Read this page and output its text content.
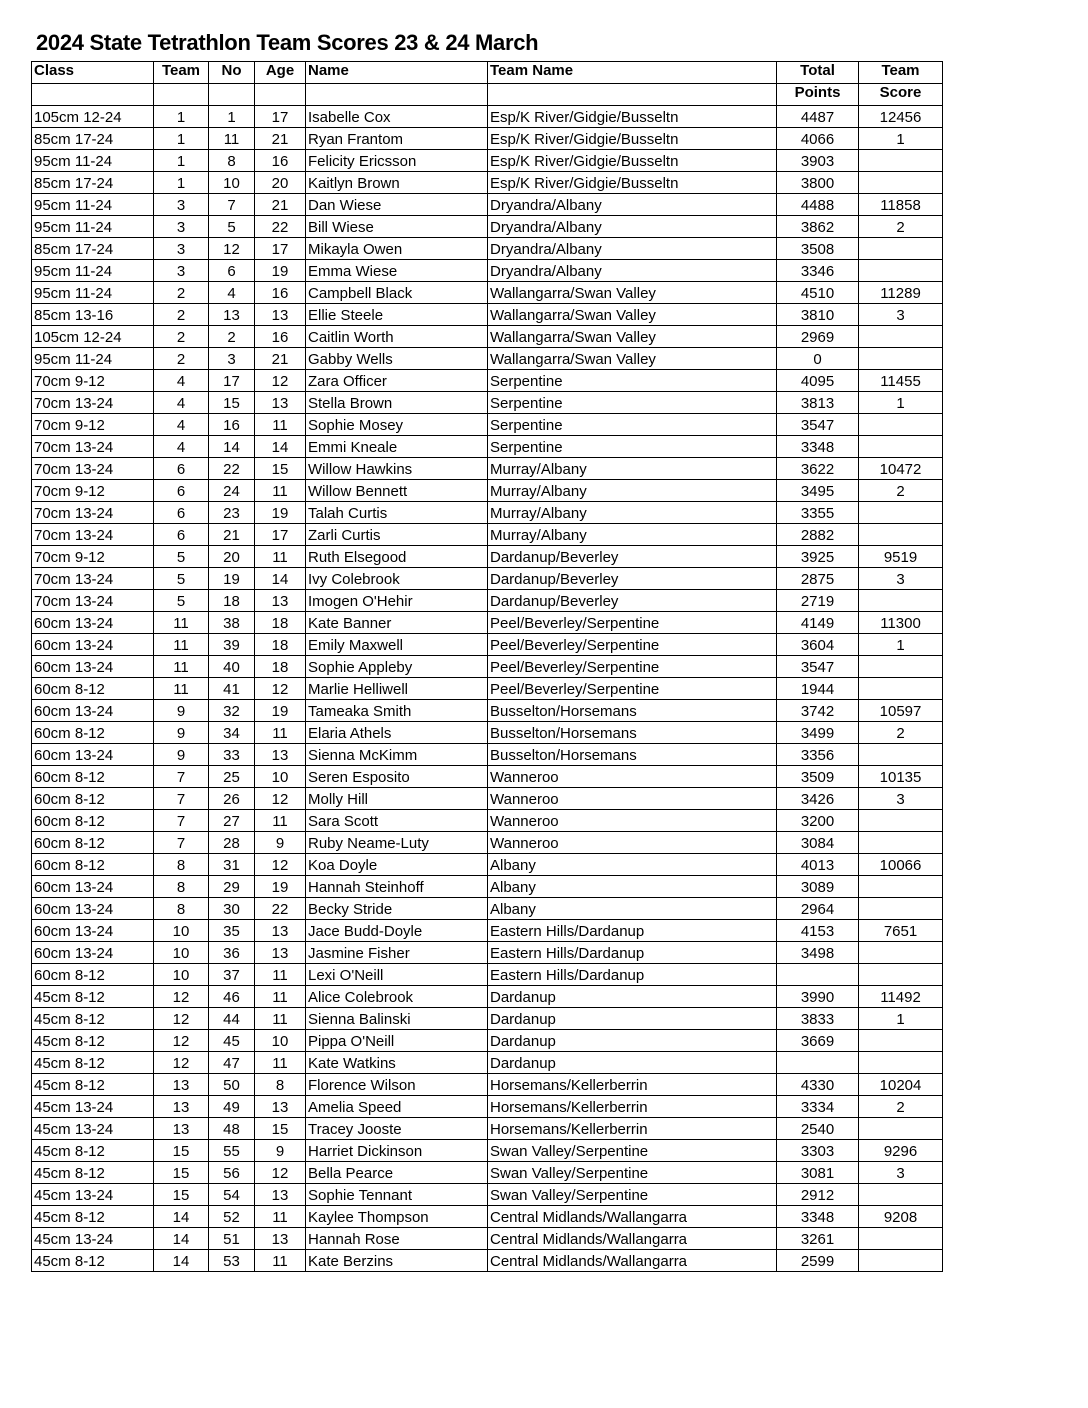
2024 State Tetrathlon Team Scores 23 & 24 March
Class	Team	No	Age	Name	Team Name	Total	Team
						Points	Score
105cm 12-24	1	1	17	Isabelle Cox	Esp/K River/Gidgie/Busseltn	4487	12456
85cm 17-24	1	11	21	Ryan Frantom	Esp/K River/Gidgie/Busseltn	4066	1
95cm 11-24	1	8	16	Felicity Ericsson	Esp/K River/Gidgie/Busseltn	3903	
85cm 17-24	1	10	20	Kaitlyn Brown	Esp/K River/Gidgie/Busseltn	3800	
95cm 11-24	3	7	21	Dan Wiese	Dryandra/Albany	4488	11858
95cm 11-24	3	5	22	Bill Wiese	Dryandra/Albany	3862	2
85cm 17-24	3	12	17	Mikayla Owen	Dryandra/Albany	3508	
95cm 11-24	3	6	19	Emma Wiese	Dryandra/Albany	3346	
95cm 11-24	2	4	16	Campbell Black	Wallangarra/Swan Valley	4510	11289
85cm 13-16	2	13	13	Ellie Steele	Wallangarra/Swan Valley	3810	3
105cm 12-24	2	2	16	Caitlin Worth	Wallangarra/Swan Valley	2969	
95cm 11-24	2	3	21	Gabby Wells	Wallangarra/Swan Valley	0	
70cm 9-12	4	17	12	Zara Officer	Serpentine	4095	11455
70cm 13-24	4	15	13	Stella Brown	Serpentine	3813	1
70cm 9-12	4	16	11	Sophie Mosey	Serpentine	3547	
70cm 13-24	4	14	14	Emmi Kneale	Serpentine	3348	
70cm 13-24	6	22	15	Willow Hawkins	Murray/Albany	3622	10472
70cm 9-12	6	24	11	Willow Bennett	Murray/Albany	3495	2
70cm 13-24	6	23	19	Talah Curtis	Murray/Albany	3355	
70cm 13-24	6	21	17	Zarli Curtis	Murray/Albany	2882	
70cm 9-12	5	20	11	Ruth Elsegood	Dardanup/Beverley	3925	9519
70cm 13-24	5	19	14	Ivy Colebrook	Dardanup/Beverley	2875	3
70cm 13-24	5	18	13	Imogen O'Hehir	Dardanup/Beverley	2719	
60cm 13-24	11	38	18	Kate Banner	Peel/Beverley/Serpentine	4149	11300
60cm 13-24	11	39	18	Emily Maxwell	Peel/Beverley/Serpentine	3604	1
60cm 13-24	11	40	18	Sophie Appleby	Peel/Beverley/Serpentine	3547	
60cm 8-12	11	41	12	Marlie Helliwell	Peel/Beverley/Serpentine	1944	
60cm 13-24	9	32	19	Tameaka Smith	Busselton/Horsemans	3742	10597
60cm 8-12	9	34	11	Elaria Athels	Busselton/Horsemans	3499	2
60cm 13-24	9	33	13	Sienna McKimm	Busselton/Horsemans	3356	
60cm 8-12	7	25	10	Seren Esposito	Wanneroo	3509	10135
60cm 8-12	7	26	12	Molly Hill	Wanneroo	3426	3
60cm 8-12	7	27	11	Sara Scott	Wanneroo	3200	
60cm 8-12	7	28	9	Ruby Neame-Luty	Wanneroo	3084	
60cm 8-12	8	31	12	Koa Doyle	Albany	4013	10066
60cm 13-24	8	29	19	Hannah Steinhoff	Albany	3089	
60cm 13-24	8	30	22	Becky Stride	Albany	2964	
60cm 13-24	10	35	13	Jace Budd-Doyle	Eastern Hills/Dardanup	4153	7651
60cm 13-24	10	36	13	Jasmine Fisher	Eastern Hills/Dardanup	3498	
60cm 8-12	10	37	11	Lexi O'Neill	Eastern Hills/Dardanup		
45cm 8-12	12	46	11	Alice Colebrook	Dardanup	3990	11492
45cm 8-12	12	44	11	Sienna Balinski	Dardanup	3833	1
45cm 8-12	12	45	10	Pippa O'Neill	Dardanup	3669	
45cm 8-12	12	47	11	Kate Watkins	Dardanup		
45cm 8-12	13	50	8	Florence Wilson	Horsemans/Kellerberrin	4330	10204
45cm 13-24	13	49	13	Amelia Speed	Horsemans/Kellerberrin	3334	2
45cm 13-24	13	48	15	Tracey Jooste	Horsemans/Kellerberrin	2540	
45cm 8-12	15	55	9	Harriet Dickinson	Swan Valley/Serpentine	3303	9296
45cm 8-12	15	56	12	Bella Pearce	Swan Valley/Serpentine	3081	3
45cm 13-24	15	54	13	Sophie Tennant	Swan Valley/Serpentine	2912	
45cm 8-12	14	52	11	Kaylee Thompson	Central Midlands/Wallangarra	3348	9208
45cm 13-24	14	51	13	Hannah Rose	Central Midlands/Wallangarra	3261	
45cm 8-12	14	53	11	Kate Berzins	Central Midlands/Wallangarra	2599	
